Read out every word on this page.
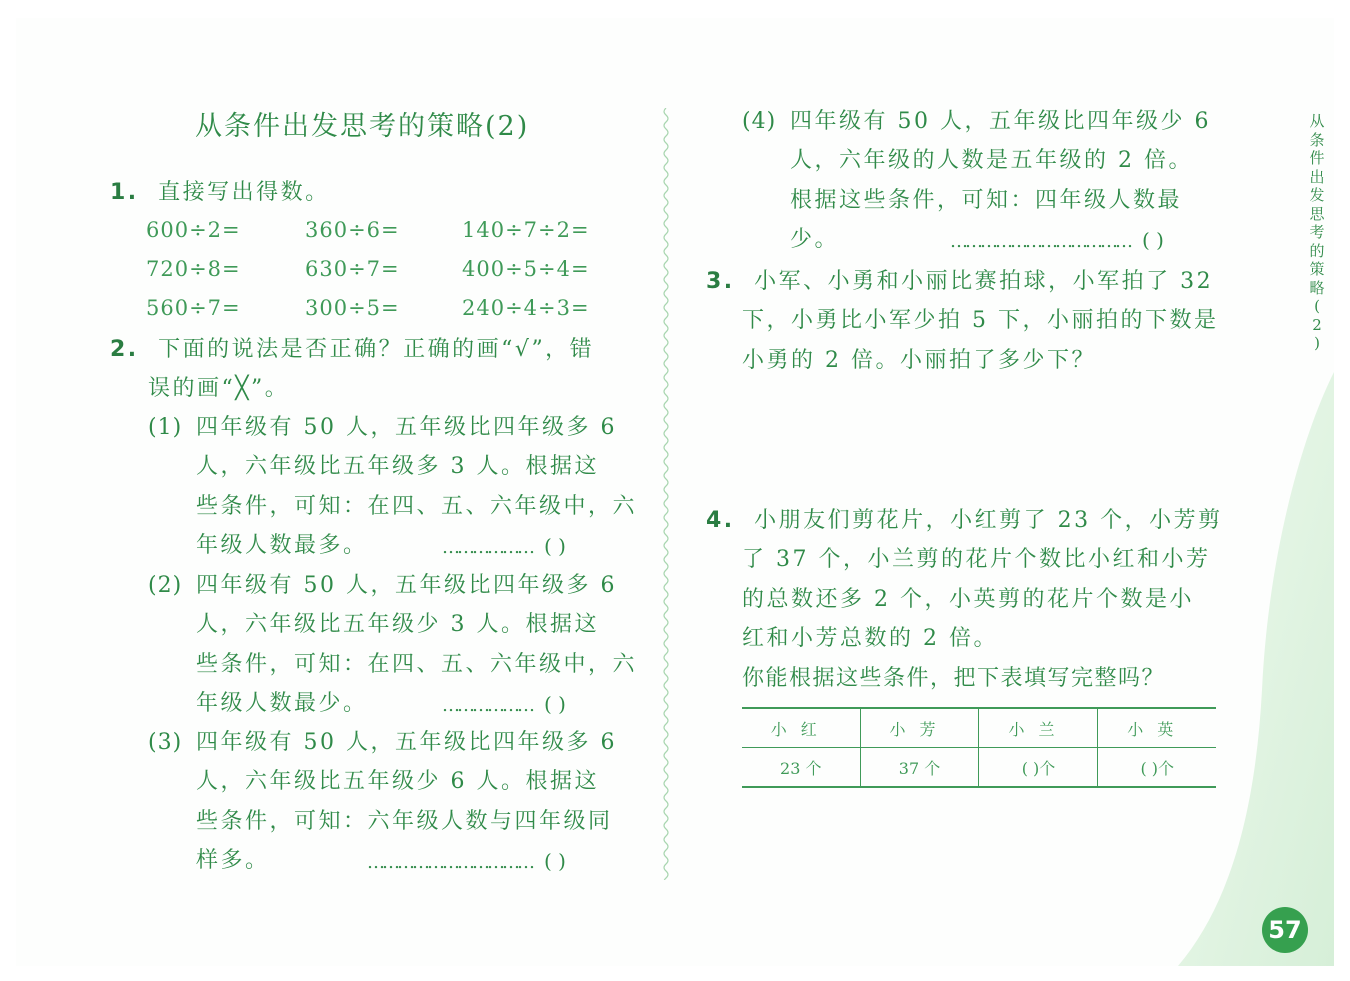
从条件出发思考的策略(2)	从
条
件
出
发
思
考
的
策
略
(
2
)
57
1. 直接写出得数。
600÷2=	360÷6=	140÷7÷2=
720÷8=	630÷7=	400÷5÷4=
560÷7=	300÷5=	240÷4÷3=
2. 下面的说法是否正确？正确的画“√”，错
误的画“╳”。
(1) 四年级有 50 人，五年级比四年级多 6
人，六年级比五年级多 3 人。根据这
些条件，可知：在四、五、六年级中，六
年级人数最多。	( )
………………
(2) 四年级有 50 人，五年级比四年级多 6
人，六年级比五年级少 3 人。根据这
些条件，可知：在四、五、六年级中，六
年级人数最少。	( )
………………
(3) 四年级有 50 人，五年级比四年级多 6
人，六年级比五年级少 6 人。根据这
些条件，可知：六年级人数与四年级同
样多。	( )
……………………………
(4) 四年级有 50 人，五年级比四年级少 6
人，六年级的人数是五年级的 2 倍。
根据这些条件，可知：四年级人数最
少。	( )
………………………………
3. 小军、小勇和小丽比赛拍球，小军拍了 32
下，小勇比小军少拍 5 下，小丽拍的下数是
小勇的 2 倍。小丽拍了多少下？
4. 小朋友们剪花片，小红剪了 23 个，小芳剪
了 37 个，小兰剪的花片个数比小红和小芳
的总数还多 2 个，小英剪的花片个数是小
红和小芳总数的 2 倍。
你能根据这些条件，把下表填写完整吗？
小红	小芳	小兰	小英
23 个	37 个	( )个	( )个
